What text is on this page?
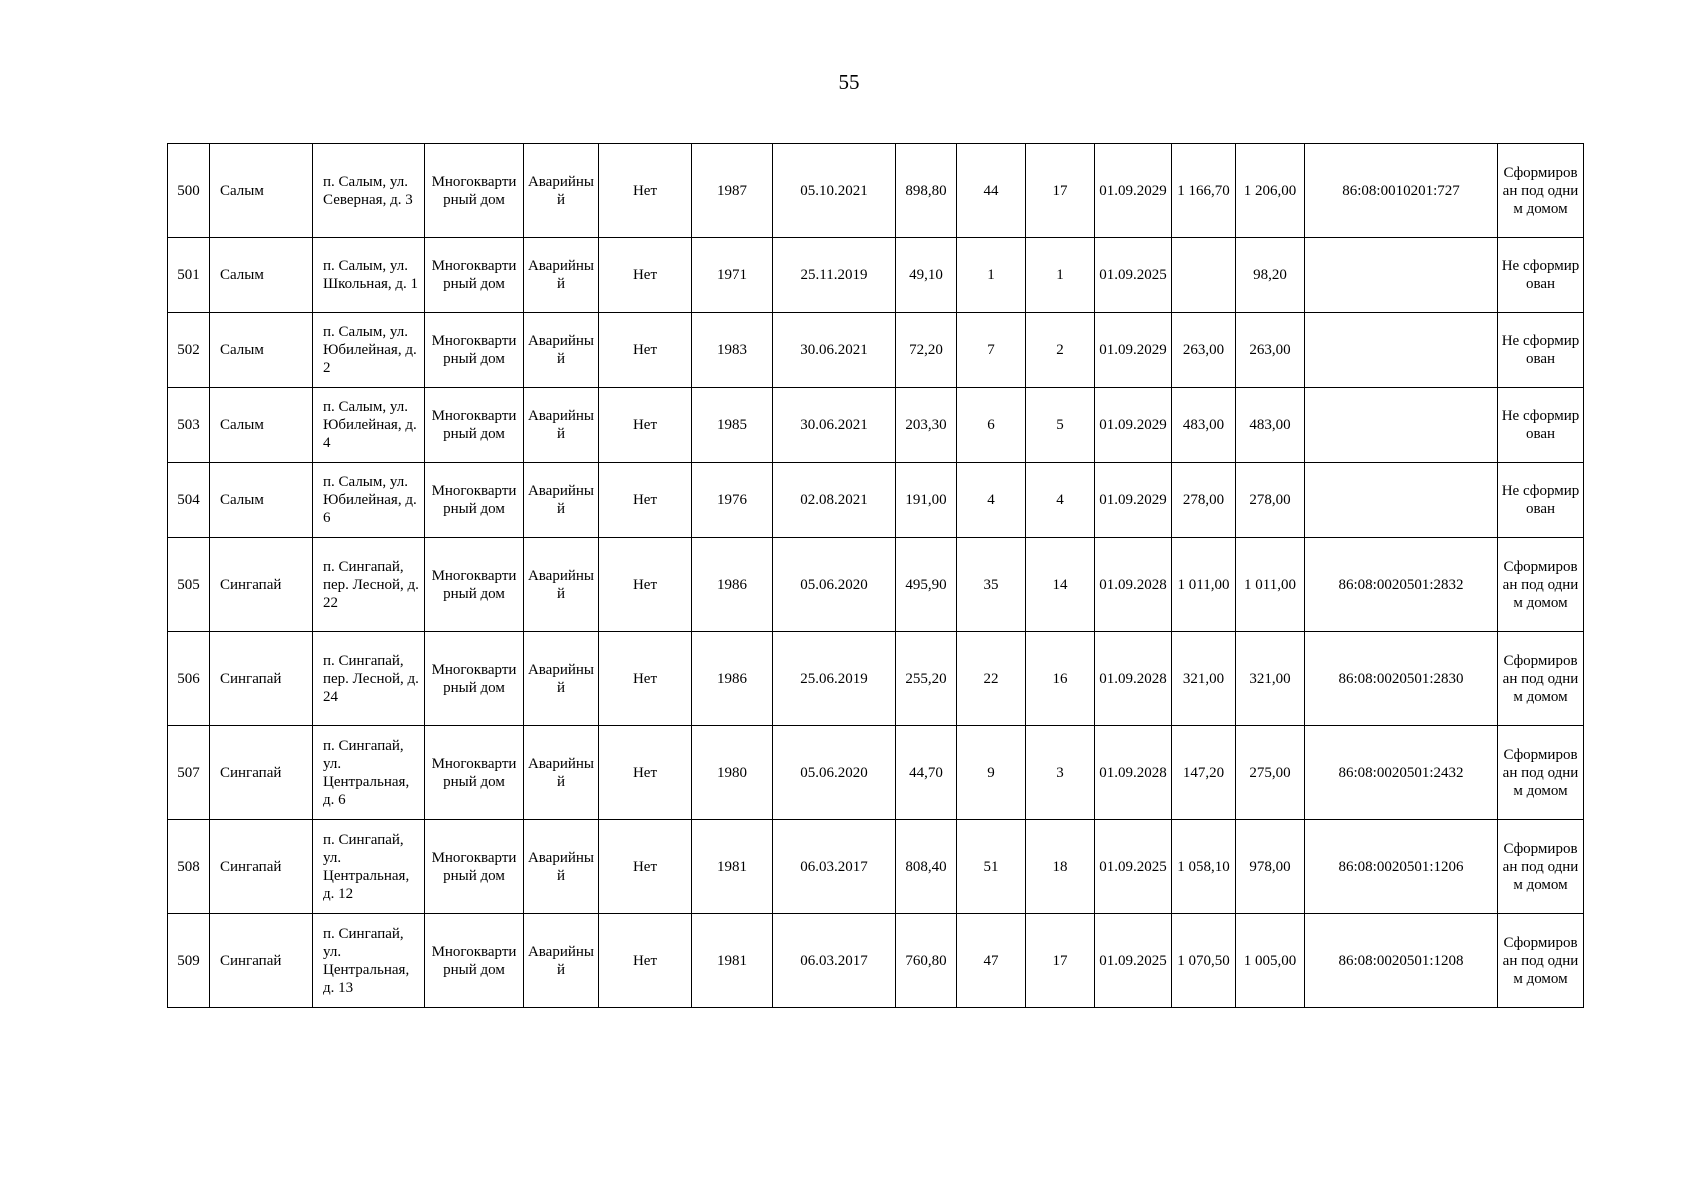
55
500	Салым	п. Салым, ул. Северная, д. 3	Многоквартирный дом	Аварийный	Нет	1987	05.10.2021	898,80	44	17	01.09.2029	1 166,70	1 206,00	86:08:0010201:727	Сформирован под одним домом
501	Салым	п. Салым, ул. Школьная, д. 1	Многоквартирный дом	Аварийный	Нет	1971	25.11.2019	49,10	1	1	01.09.2025		98,20		Не сформирован
502	Салым	п. Салым, ул. Юбилейная, д. 2	Многоквартирный дом	Аварийный	Нет	1983	30.06.2021	72,20	7	2	01.09.2029	263,00	263,00		Не сформирован
503	Салым	п. Салым, ул. Юбилейная, д. 4	Многоквартирный дом	Аварийный	Нет	1985	30.06.2021	203,30	6	5	01.09.2029	483,00	483,00		Не сформирован
504	Салым	п. Салым, ул. Юбилейная, д. 6	Многоквартирный дом	Аварийный	Нет	1976	02.08.2021	191,00	4	4	01.09.2029	278,00	278,00		Не сформирован
505	Сингапай	п. Сингапай, пер. Лесной, д. 22	Многоквартирный дом	Аварийный	Нет	1986	05.06.2020	495,90	35	14	01.09.2028	1 011,00	1 011,00	86:08:0020501:2832	Сформирован под одним домом
506	Сингапай	п. Сингапай, пер. Лесной, д. 24	Многоквартирный дом	Аварийный	Нет	1986	25.06.2019	255,20	22	16	01.09.2028	321,00	321,00	86:08:0020501:2830	Сформирован под одним домом
507	Сингапай	п. Сингапай, ул. Центральная, д. 6	Многоквартирный дом	Аварийный	Нет	1980	05.06.2020	44,70	9	3	01.09.2028	147,20	275,00	86:08:0020501:2432	Сформирован под одним домом
508	Сингапай	п. Сингапай, ул. Центральная, д. 12	Многоквартирный дом	Аварийный	Нет	1981	06.03.2017	808,40	51	18	01.09.2025	1 058,10	978,00	86:08:0020501:1206	Сформирован под одним домом
509	Сингапай	п. Сингапай, ул. Центральная, д. 13	Многоквартирный дом	Аварийный	Нет	1981	06.03.2017	760,80	47	17	01.09.2025	1 070,50	1 005,00	86:08:0020501:1208	Сформирован под одним домом
